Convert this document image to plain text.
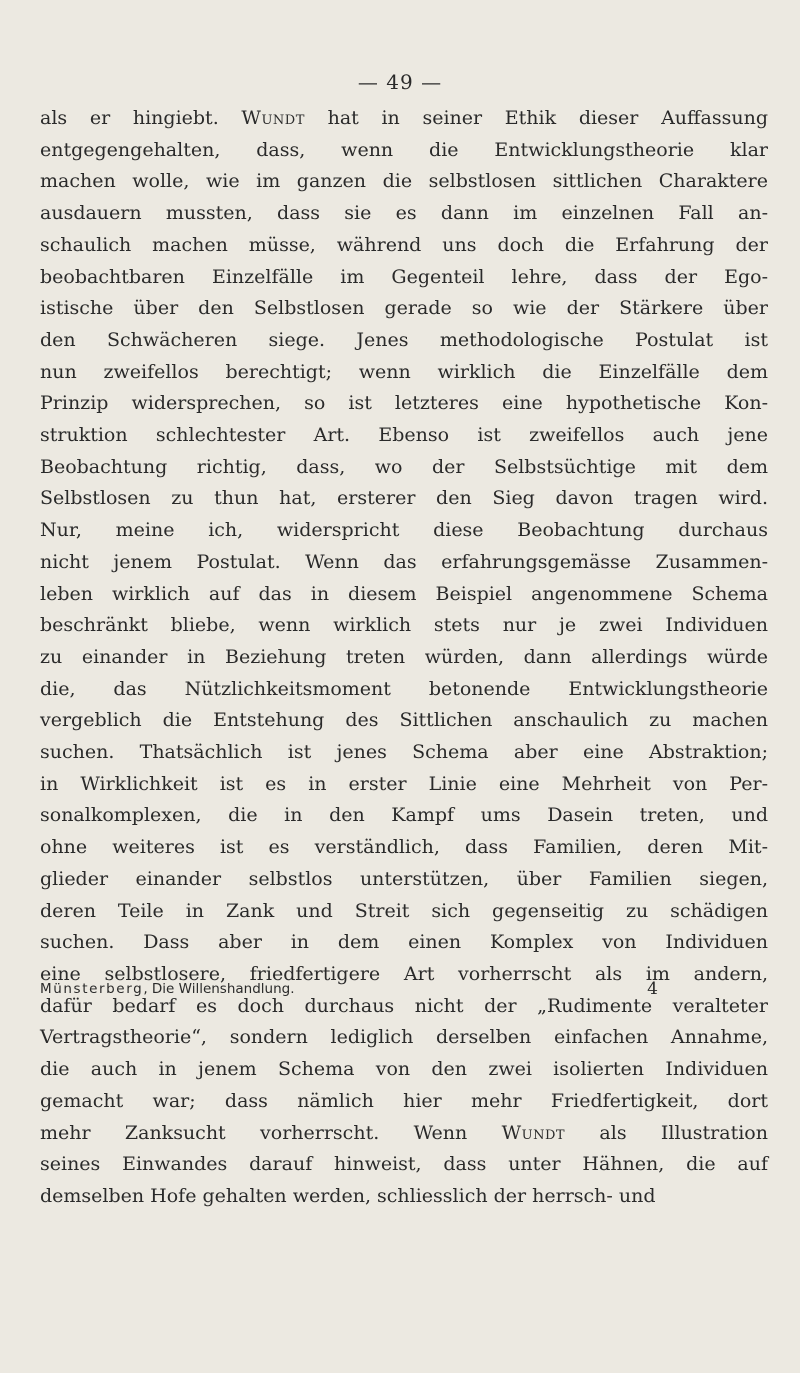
— 49 —
als er hingiebt. Wundt hat in seiner Ethik dieser Auffassung
entgegengehalten, dass, wenn die Entwicklungstheorie klar
machen wolle, wie im ganzen die selbstlosen sittlichen Charaktere
ausdauern mussten, dass sie es dann im einzelnen Fall an-
schaulich machen müsse, während uns doch die Erfahrung der
beobachtbaren Einzelfälle im Gegenteil lehre, dass der Ego-
istische über den Selbstlosen gerade so wie der Stärkere über
den Schwächeren siege. Jenes methodologische Postulat ist
nun zweifellos berechtigt; wenn wirklich die Einzelfälle dem
Prinzip widersprechen, so ist letzteres eine hypothetische Kon-
struktion schlechtester Art. Ebenso ist zweifellos auch jene
Beobachtung richtig, dass, wo der Selbstsüchtige mit dem
Selbstlosen zu thun hat, ersterer den Sieg davon tragen wird.
Nur, meine ich, widerspricht diese Beobachtung durchaus
nicht jenem Postulat. Wenn das erfahrungsgemässe Zusammen-
leben wirklich auf das in diesem Beispiel angenommene Schema
beschränkt bliebe, wenn wirklich stets nur je zwei Individuen
zu einander in Beziehung treten würden, dann allerdings würde
die, das Nützlichkeitsmoment betonende Entwicklungstheorie
vergeblich die Entstehung des Sittlichen anschaulich zu machen
suchen. Thatsächlich ist jenes Schema aber eine Abstraktion;
in Wirklichkeit ist es in erster Linie eine Mehrheit von Per-
sonalkomplexen, die in den Kampf ums Dasein treten, und
ohne weiteres ist es verständlich, dass Familien, deren Mit-
glieder einander selbstlos unterstützen, über Familien siegen,
deren Teile in Zank und Streit sich gegenseitig zu schädigen
suchen. Dass aber in dem einen Komplex von Individuen
eine selbstlosere, friedfertigere Art vorherrscht als im andern,
dafür bedarf es doch durchaus nicht der „Rudimente veralteter
Vertragstheorie“, sondern lediglich derselben einfachen Annahme,
die auch in jenem Schema von den zwei isolierten Individuen
gemacht war; dass nämlich hier mehr Friedfertigkeit, dort
mehr Zanksucht vorherrscht. Wenn Wundt als Illustration
seines Einwandes darauf hinweist, dass unter Hähnen, die auf
demselben Hofe gehalten werden, schliesslich der herrsch- und
Münsterberg, Die Willenshandlung.	4
